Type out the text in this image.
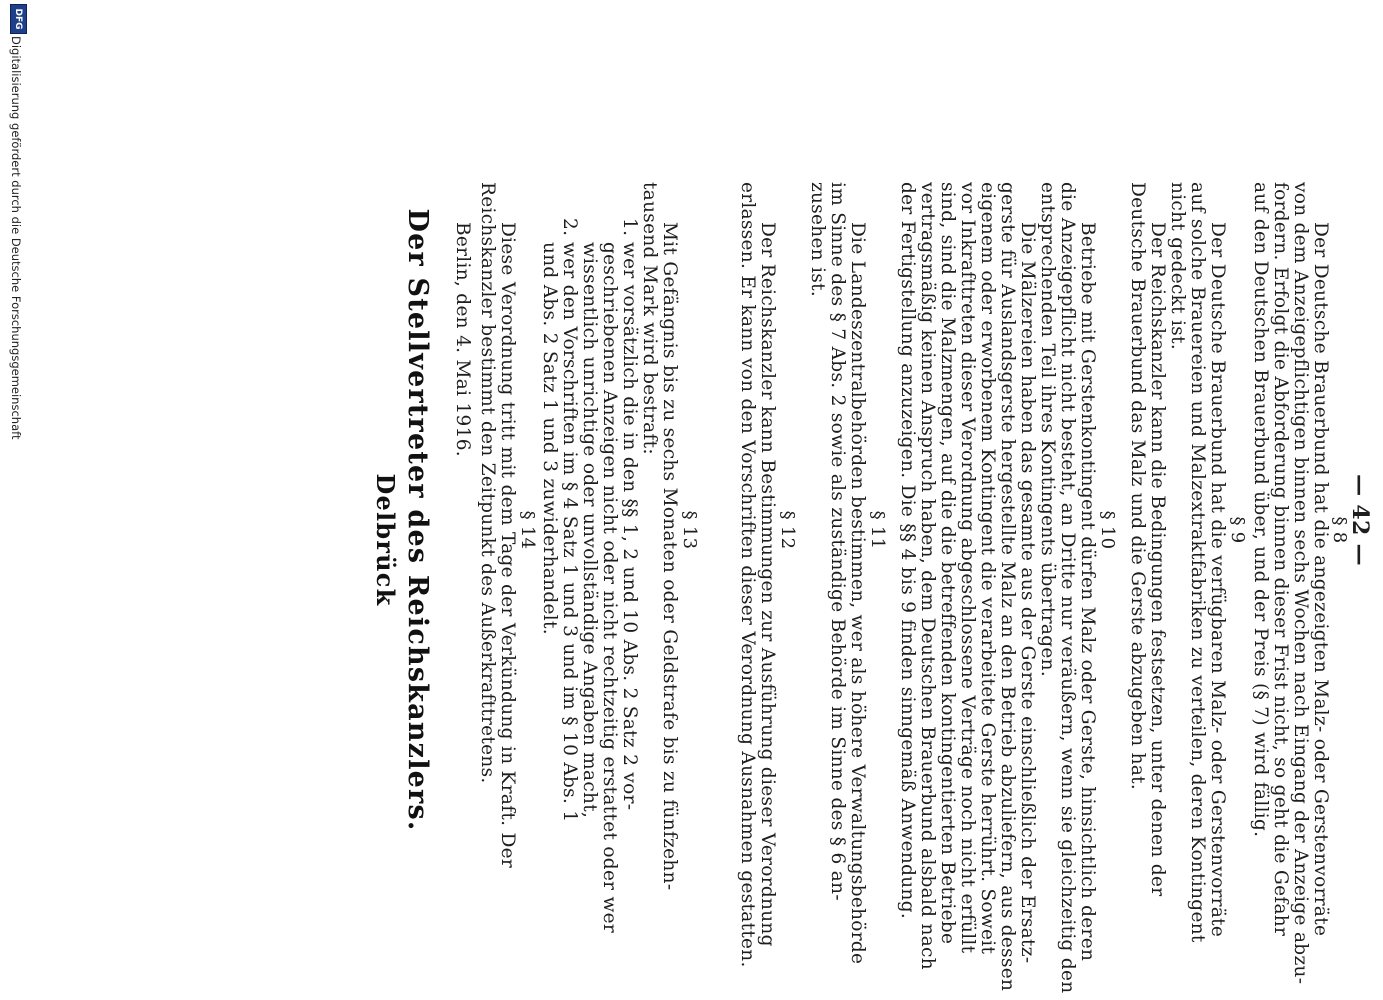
— 42 —
§ 8
Der Deutsche Brauerbund hat die angezeigten Malz- oder Gerstenvorräte
von dem Anzeigepflichtigen binnen sechs Wochen nach Eingang der Anzeige abzu-
fordern. Erfolgt die Abforderung binnen dieser Frist nicht, so geht die Gefahr
auf den Deutschen Brauerbund über, und der Preis (§ 7) wird fällig.
§ 9
Der Deutsche Brauerbund hat die verfügbaren Malz- oder Gerstenvorräte
auf solche Brauereien und Malzextraktfabriken zu verteilen, deren Kontingent
nicht gedeckt ist.
Der Reichskanzler kann die Bedingungen festsetzen, unter denen der
Deutsche Brauerbund das Malz und die Gerste abzugeben hat.
§ 10
Betriebe mit Gerstenkontingent dürfen Malz oder Gerste, hinsichtlich deren
die Anzeigepflicht nicht besteht, an Dritte nur veräußern, wenn sie gleichzeitig den
entsprechenden Teil ihres Kontingents übertragen.
Die Mälzereien haben das gesamte aus der Gerste einschließlich der Ersatz-
gerste für Auslandsgerste hergestellte Malz an den Betrieb abzuliefern, aus dessen
eigenem oder erworbenem Kontingent die verarbeitete Gerste herrührt. Soweit
vor Inkrafttreten dieser Verordnung abgeschlossene Verträge noch nicht erfüllt
sind, sind die Malzmengen, auf die die betreffenden kontingentierten Betriebe
vertragsmäßig keinen Anspruch haben, dem Deutschen Brauerbund alsbald nach
der Fertigstellung anzuzeigen. Die §§ 4 bis 9 finden sinngemäß Anwendung.
§ 11
Die Landeszentralbehörden bestimmen, wer als höhere Verwaltungsbehörde
im Sinne des § 7 Abs. 2 sowie als zuständige Behörde im Sinne des § 6 an-
zusehen ist.
§ 12
Der Reichskanzler kann Bestimmungen zur Ausführung dieser Verordnung
erlassen. Er kann von den Vorschriften dieser Verordnung Ausnahmen gestatten.
§ 13
Mit Gefängnis bis zu sechs Monaten oder Geldstrafe bis zu fünfzehn-
tausend Mark wird bestraft:
1.
wer vorsätzlich die in den §§ 1, 2 und 10 Abs. 2 Satz 2 vor-
geschriebenen Anzeigen nicht oder nicht rechtzeitig erstattet oder wer
wissentlich unrichtige oder unvollständige Angaben macht,
2.
wer den Vorschriften im § 4 Satz 1 und 3 und im § 10 Abs. 1
und Abs. 2 Satz 1 und 3 zuwiderhandelt.
§ 14
Diese Verordnung tritt mit dem Tage der Verkündung in Kraft. Der
Reichskanzler bestimmt den Zeitpunkt des Außerkrafttretens.
Berlin, den 4. Mai 1916.
Der Stellvertreter des Reichskanzlers.
Delbrück
DFG
Digitalisierung gefördert durch die Deutsche Forschungsgemeinschaft
